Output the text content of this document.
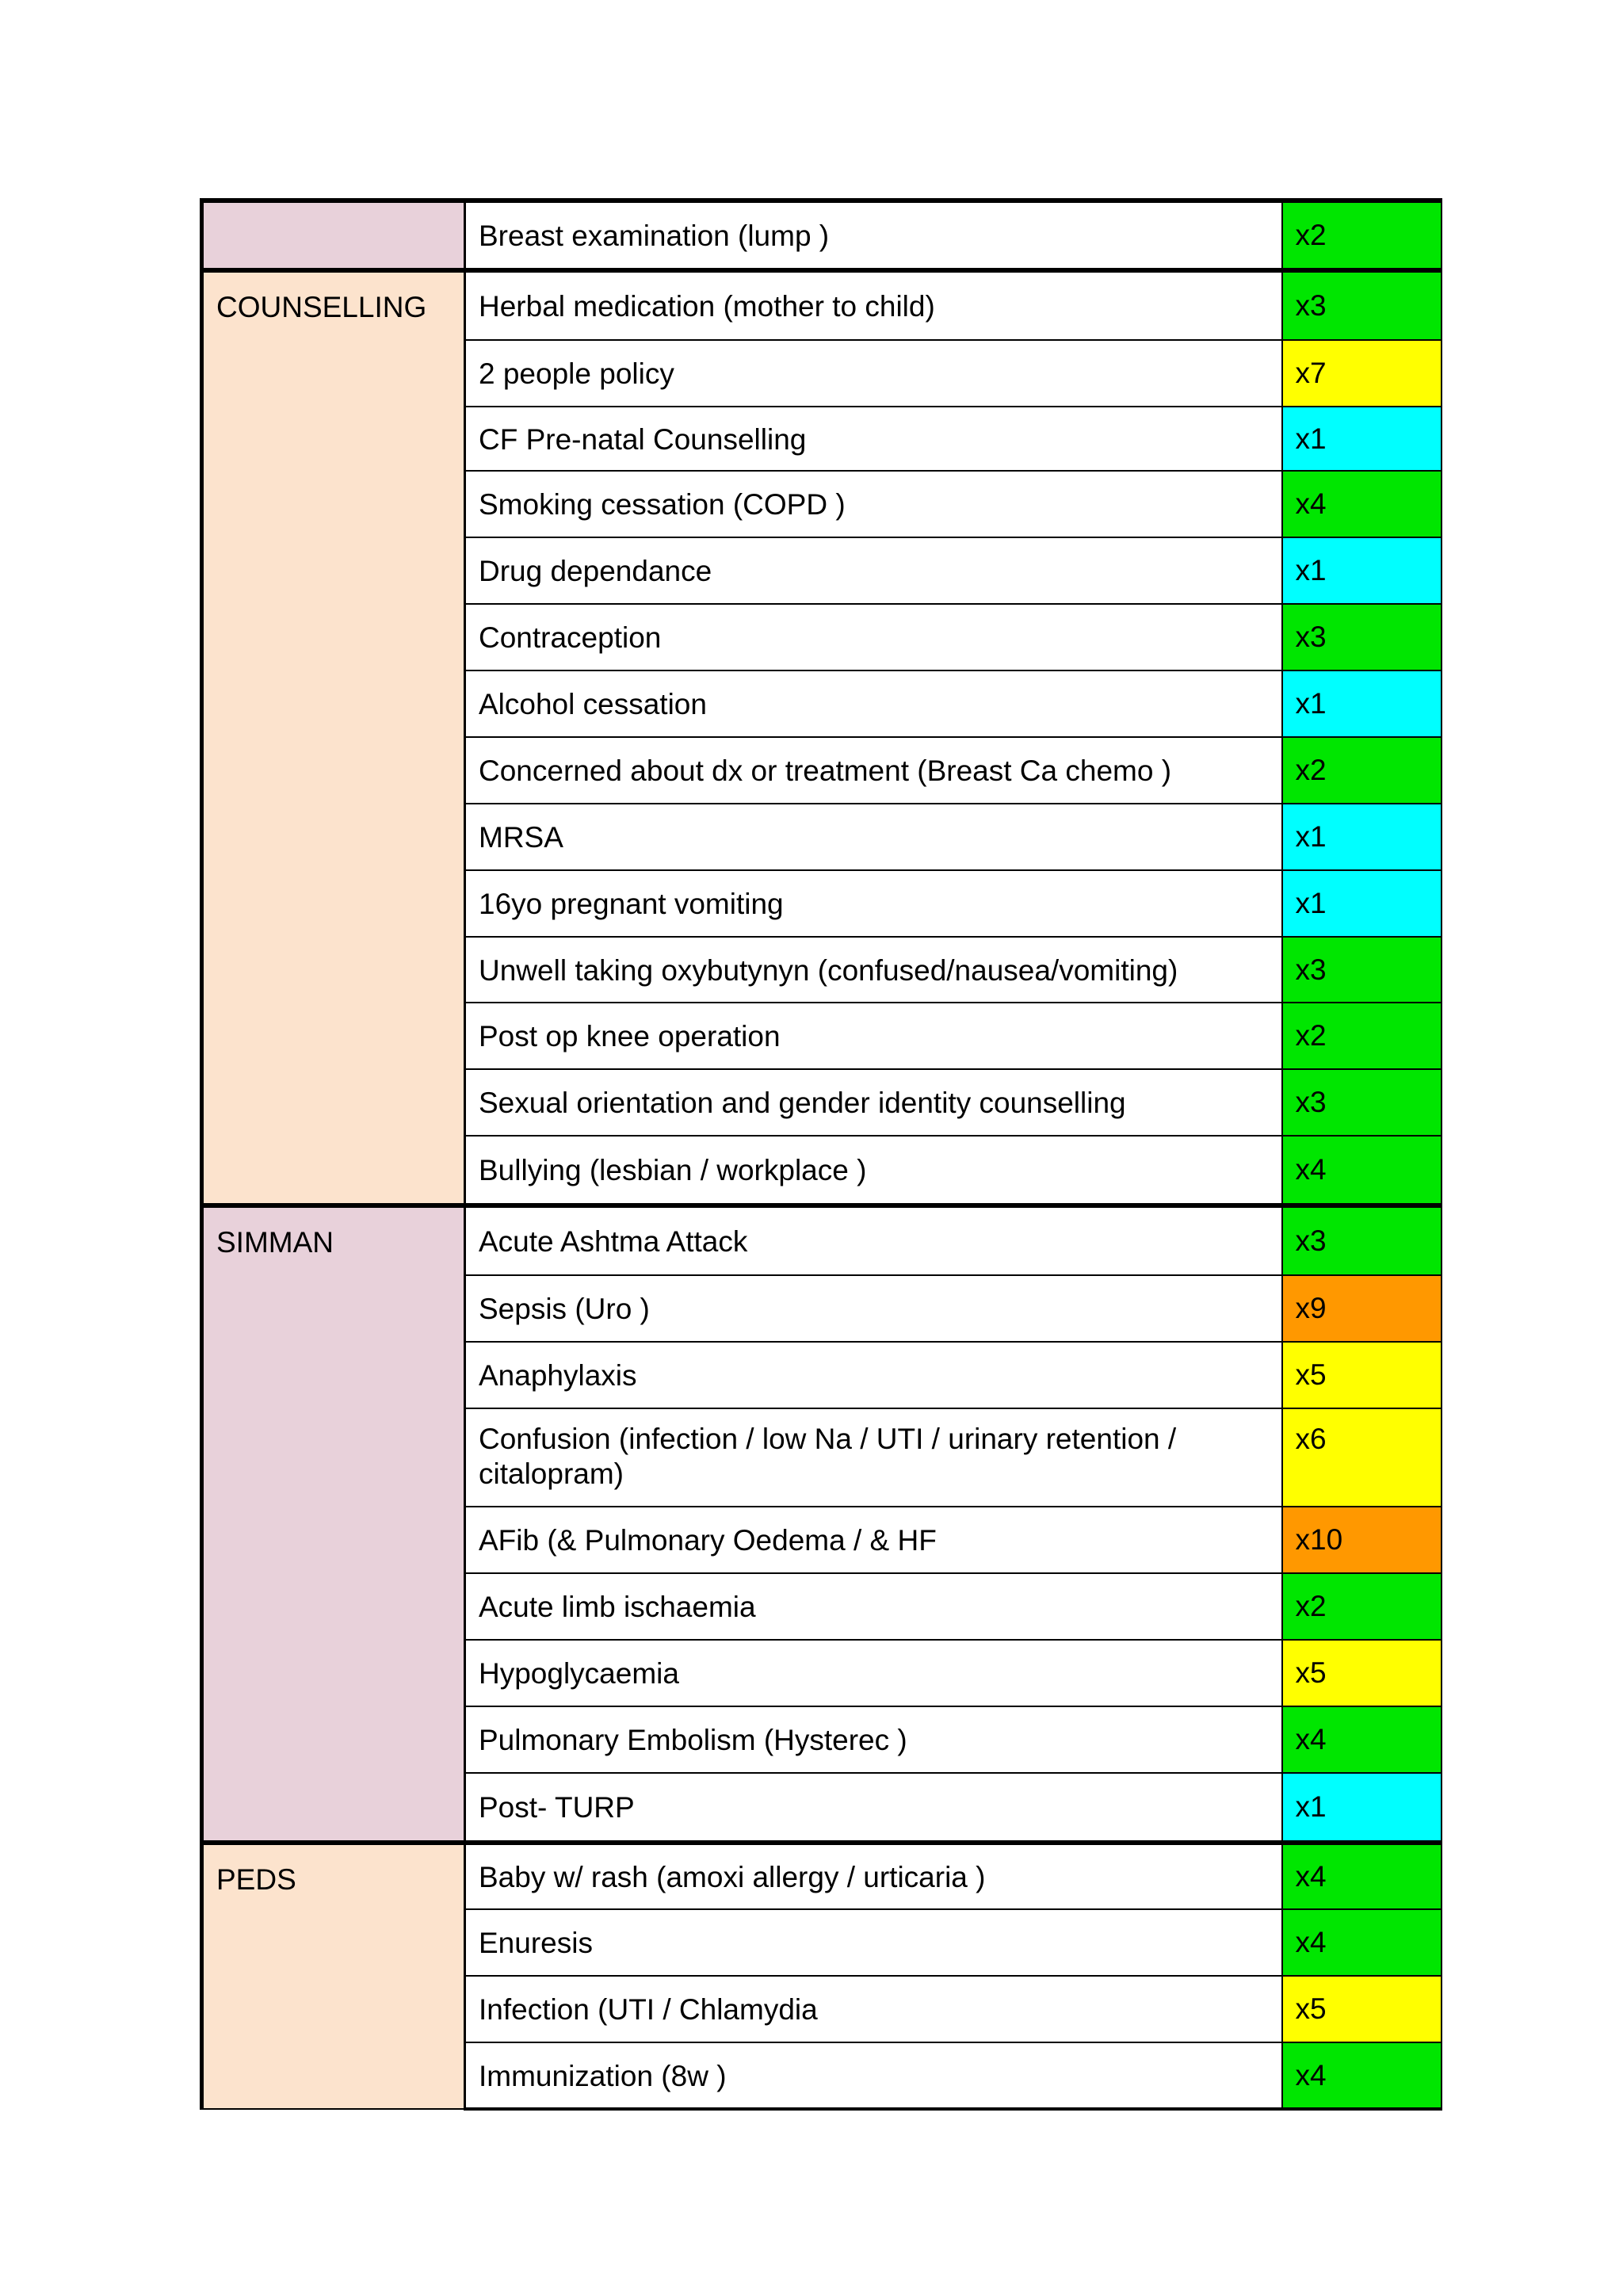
	Breast examination (lump )	x2
COUNSELLING	Herbal medication (mother to child)	x3
	2 people policy	x7
	CF Pre-natal Counselling	x1
	Smoking cessation (COPD )	x4
	Drug dependance	x1
	Contraception	x3
	Alcohol cessation	x1
	Concerned about dx or treatment (Breast Ca chemo )	x2
	MRSA	x1
	16yo pregnant vomiting	x1
	Unwell taking oxybutynyn (confused/nausea/vomiting)	x3
	Post op knee operation	x2
	Sexual orientation and gender identity counselling	x3
	Bullying (lesbian / workplace )	x4
SIMMAN	Acute Ashtma Attack	x3
	Sepsis (Uro )	x9
	Anaphylaxis	x5
	Confusion (infection / low Na / UTI / urinary retention / citalopram)	x6
	AFib (& Pulmonary Oedema / & HF	x10
	Acute limb ischaemia	x2
	Hypoglycaemia	x5
	Pulmonary Embolism (Hysterec )	x4
	Post- TURP	x1
PEDS	Baby w/ rash (amoxi allergy / urticaria )	x4
	Enuresis	x4
	Infection (UTI / Chlamydia	x5
	Immunization (8w )	x4
